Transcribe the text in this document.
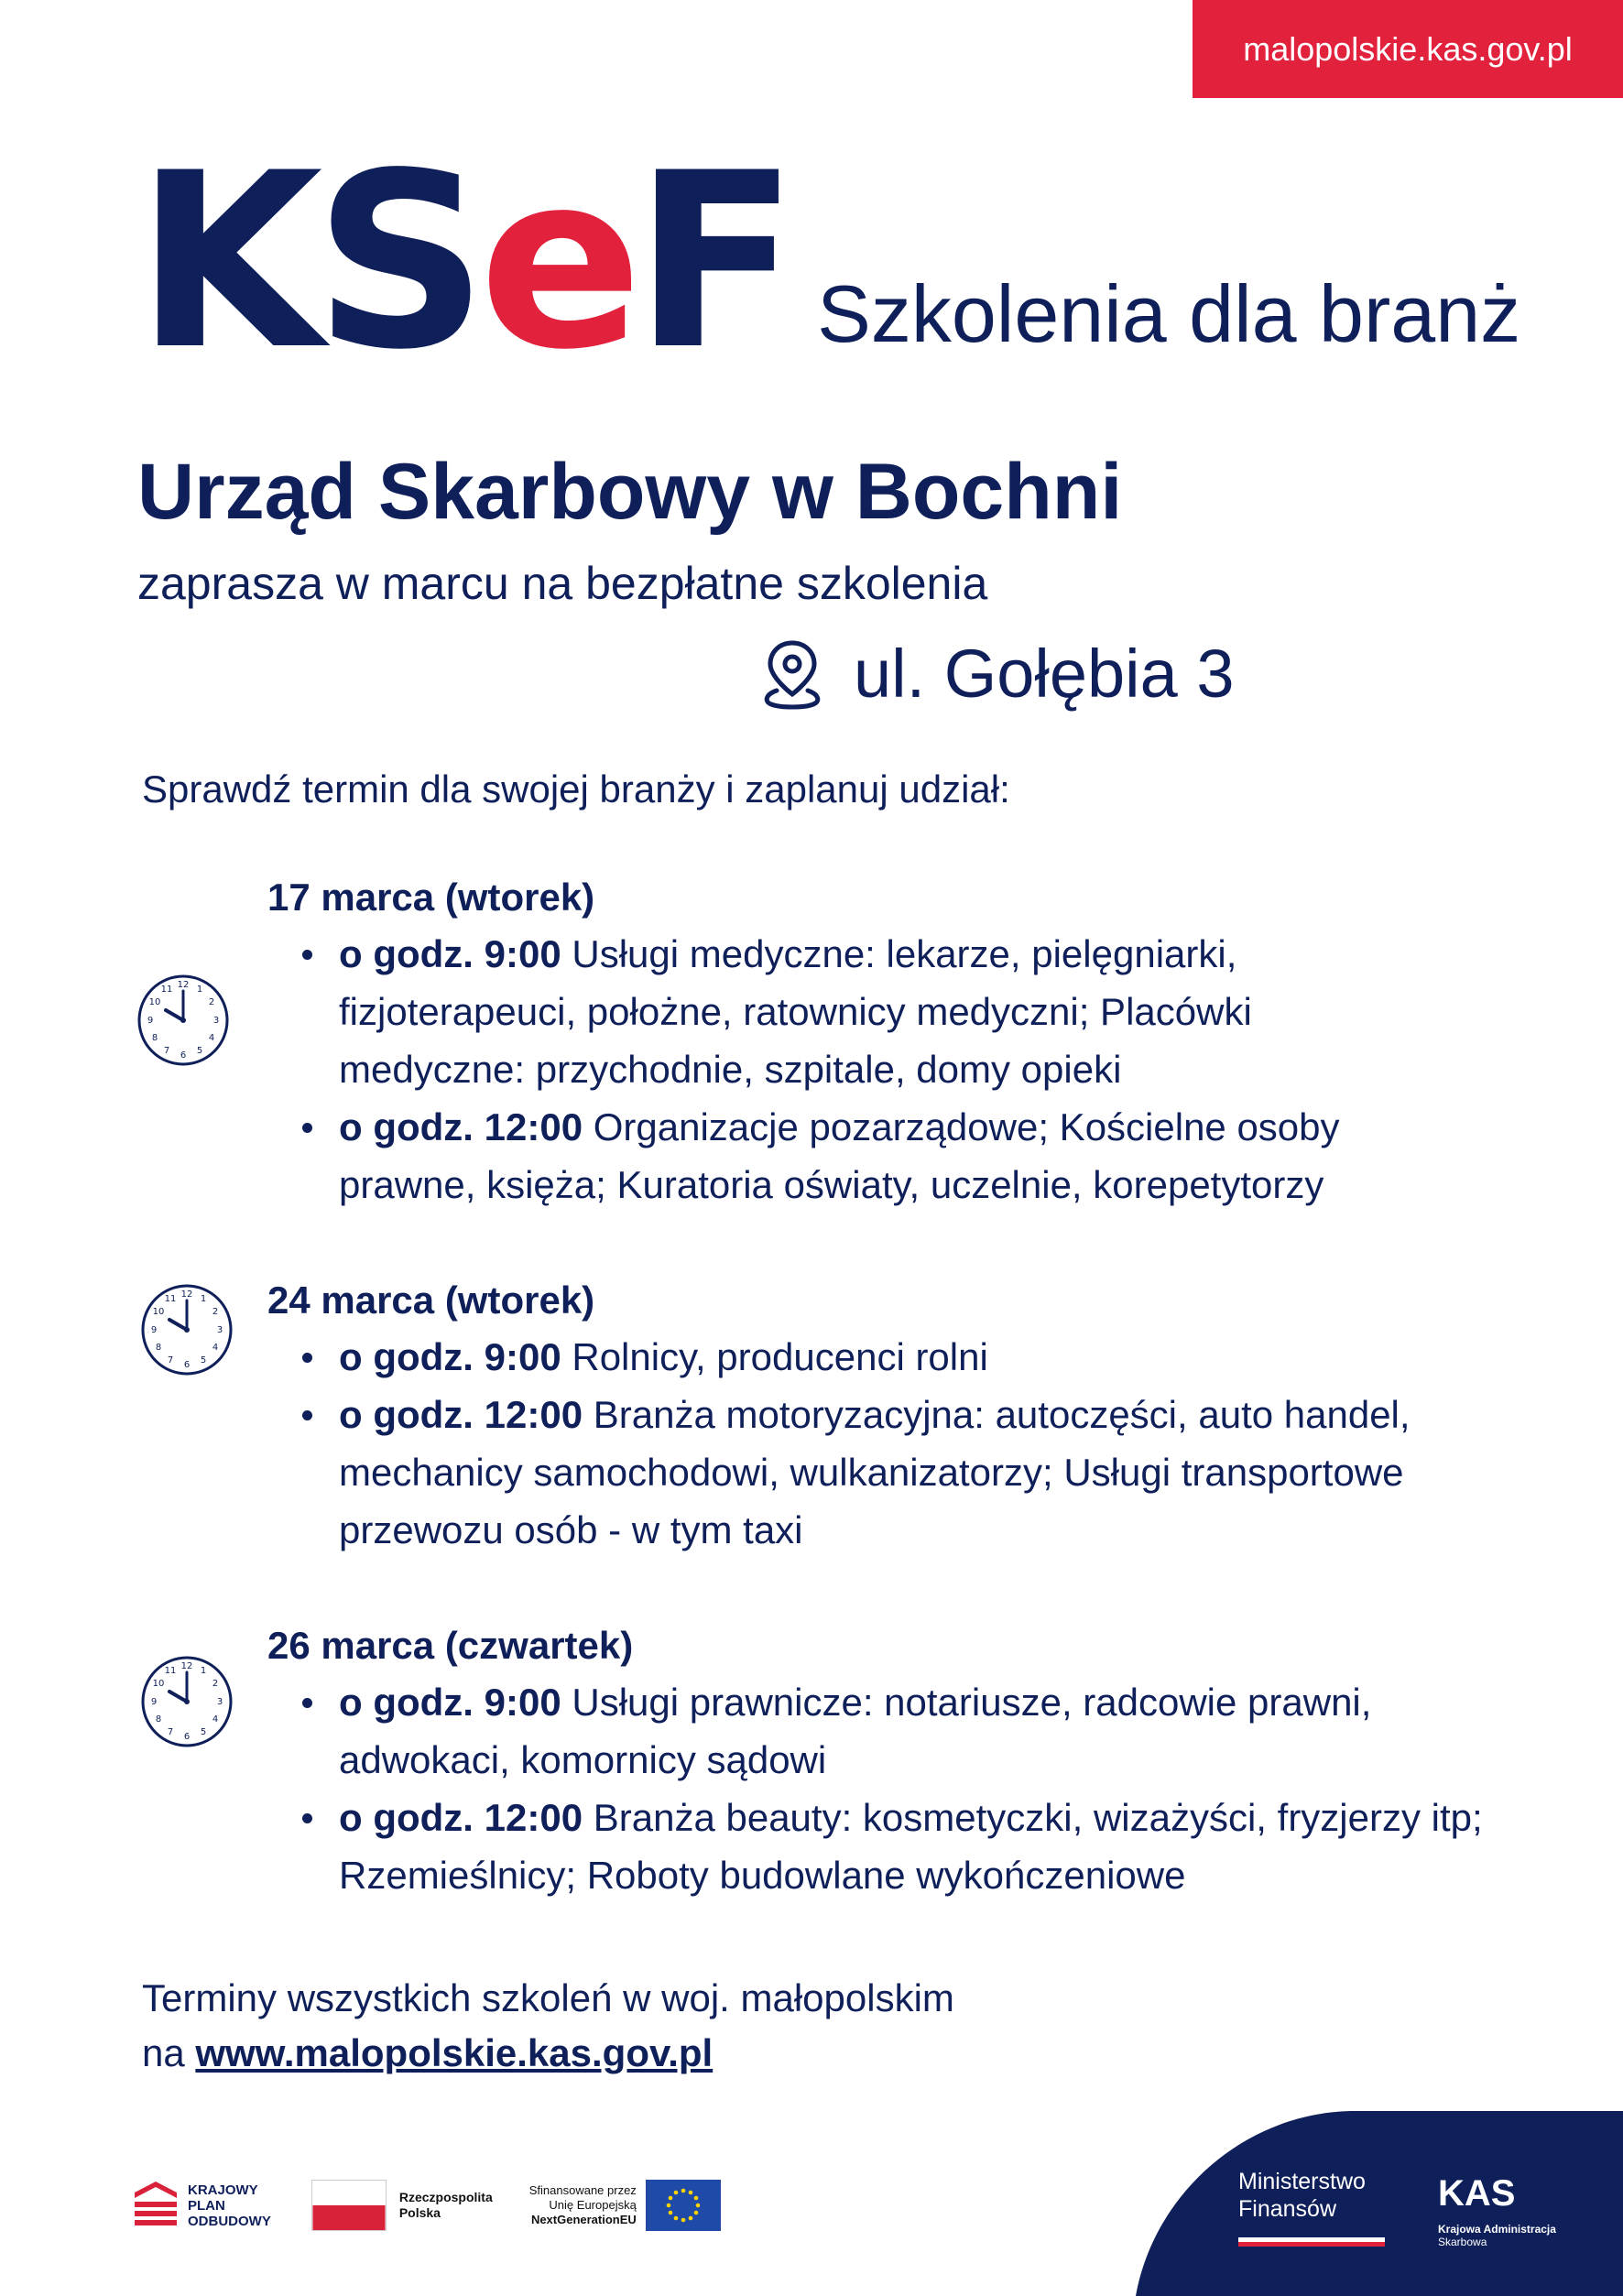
malopolskie.kas.gov.pl
KSeF Szkolenia dla branż
Urząd Skarbowy w Bochni
zaprasza w marcu na bezpłatne szkolenia
ul. Gołębia 3
Sprawdź termin dla swojej branży i zaplanuj udział:
17 marca (wtorek)
o godz. 9:00 Usługi medyczne: lekarze, pielęgniarki, fizjoterapeuci, położne, ratownicy medyczni; Placówki medyczne: przychodnie, szpitale, domy opieki
o godz. 12:00 Organizacje pozarządowe; Kościelne osoby prawne, księża; Kuratoria oświaty, uczelnie, korepetytorzy
24 marca (wtorek)
o godz. 9:00 Rolnicy, producenci rolni
o godz. 12:00 Branża motoryzacyjna: autoczęści, auto handel, mechanicy samochodowi, wulkanizatorzy; Usługi transportowe przewozu osób - w tym taxi
26 marca (czwartek)
o godz. 9:00 Usługi prawnicze: notariusze, radcowie prawni, adwokaci, komornicy sądowi
o godz. 12:00 Branża beauty: kosmetyczki, wizażyści, fryzjerzy itp; Rzemieślnicy; Roboty budowlane wykończeniowe
12 1
2
3
4
5
6
7
8
9
10
11
12 1
2
3
4
5
6
7
8
9
10
11
12 1
2
3
4
5
6
7
8
9
10
11
Terminy wszystkich szkoleń w woj. małopolskim
na www.malopolskie.kas.gov.pl
KRAJOWY
PLAN
ODBUDOWY
Rzeczpospolita
Polska
Sfinansowane przez
Unię Europejską
NextGenerationEU
Ministerstwo
Finansów	KAS
Krajowa Administracja
Skarbowa
